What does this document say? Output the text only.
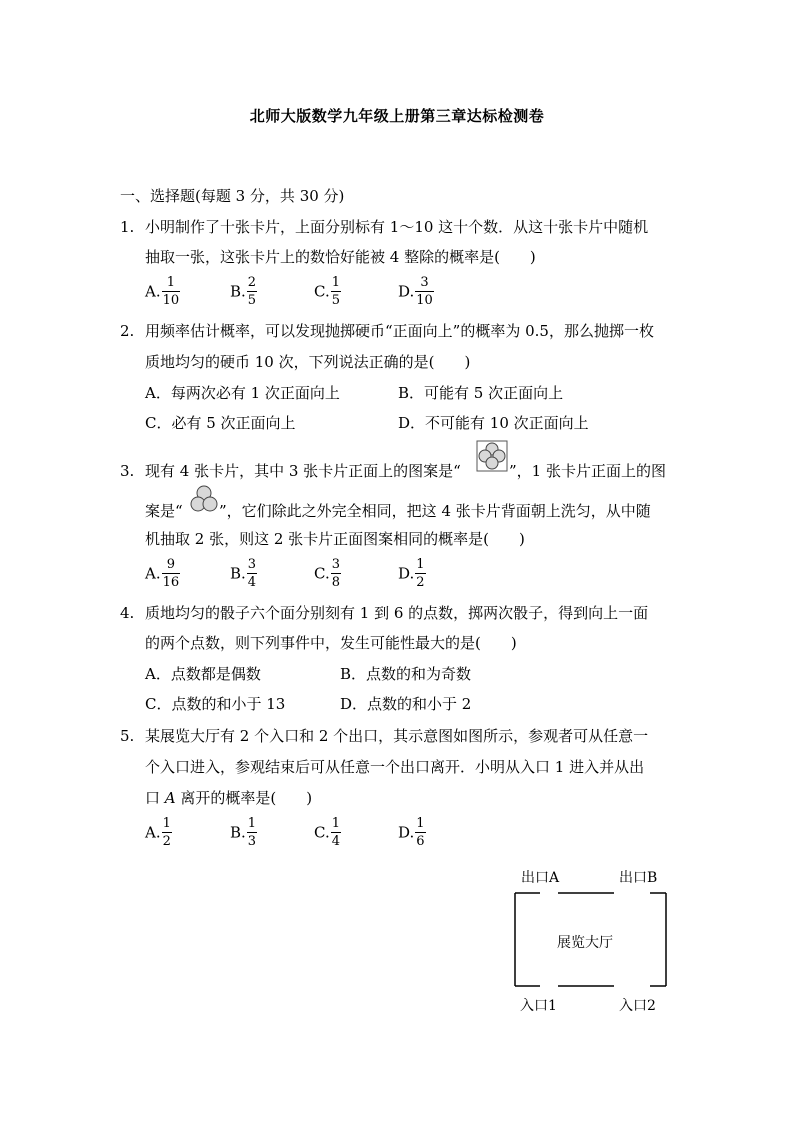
北师大版数学九年级上册第三章达标检测卷
一、选择题(每题 3 分，共 30 分)
1. 小明制作了十张卡片，上面分别标有 1～10 这十个数．从这十张卡片中随机
抽取一张，这张卡片上的数恰好能被 4 整除的概率是(　　)
A. $\frac{1}{10}$	B. $\frac{2}{5}$	C. $\frac{1}{5}$	D. $\frac{3}{10}$
2. 用频率估计概率，可以发现抛掷硬币“正面向上”的概率为 0.5，那么抛掷一枚
质地均匀的硬币 10 次，下列说法正确的是(　　)
A．每两次必有 1 次正面向上	B．可能有 5 次正面向上
C．必有 5 次正面向上	D．不可能有 10 次正面向上
3. 现有 4 张卡片，其中 3 张卡片正面上的图案是“	”，1 张卡片正面上的图
案是“ ”，它们除此之外完全相同，把这 4 张卡片背面朝上洗匀，从中随
机抽取 2 张，则这 2 张卡片正面图案相同的概率是(　　)
A. $\frac{9}{16}$	B. $\frac{3}{4}$	C. $\frac{3}{8}$	D. $\frac{1}{2}$
4. 质地均匀的骰子六个面分别刻有 1 到 6 的点数，掷两次骰子，得到向上一面
的两个点数，则下列事件中，发生可能性最大的是(　　)
A．点数都是偶数	B．点数的和为奇数
C．点数的和小于 13	D．点数的和小于 2
5. 某展览大厅有 2 个入口和 2 个出口，其示意图如图所示，参观者可从任意一
个入口进入，参观结束后可从任意一个出口离开．小明从入口 1 进入并从出
口 A 离开的概率是(　　)
A. $\frac{1}{2}$	B. $\frac{1}{3}$	C. $\frac{1}{4}$	D. $\frac{1}{6}$
出口A	出口B
展览大厅
入口1	入口2
